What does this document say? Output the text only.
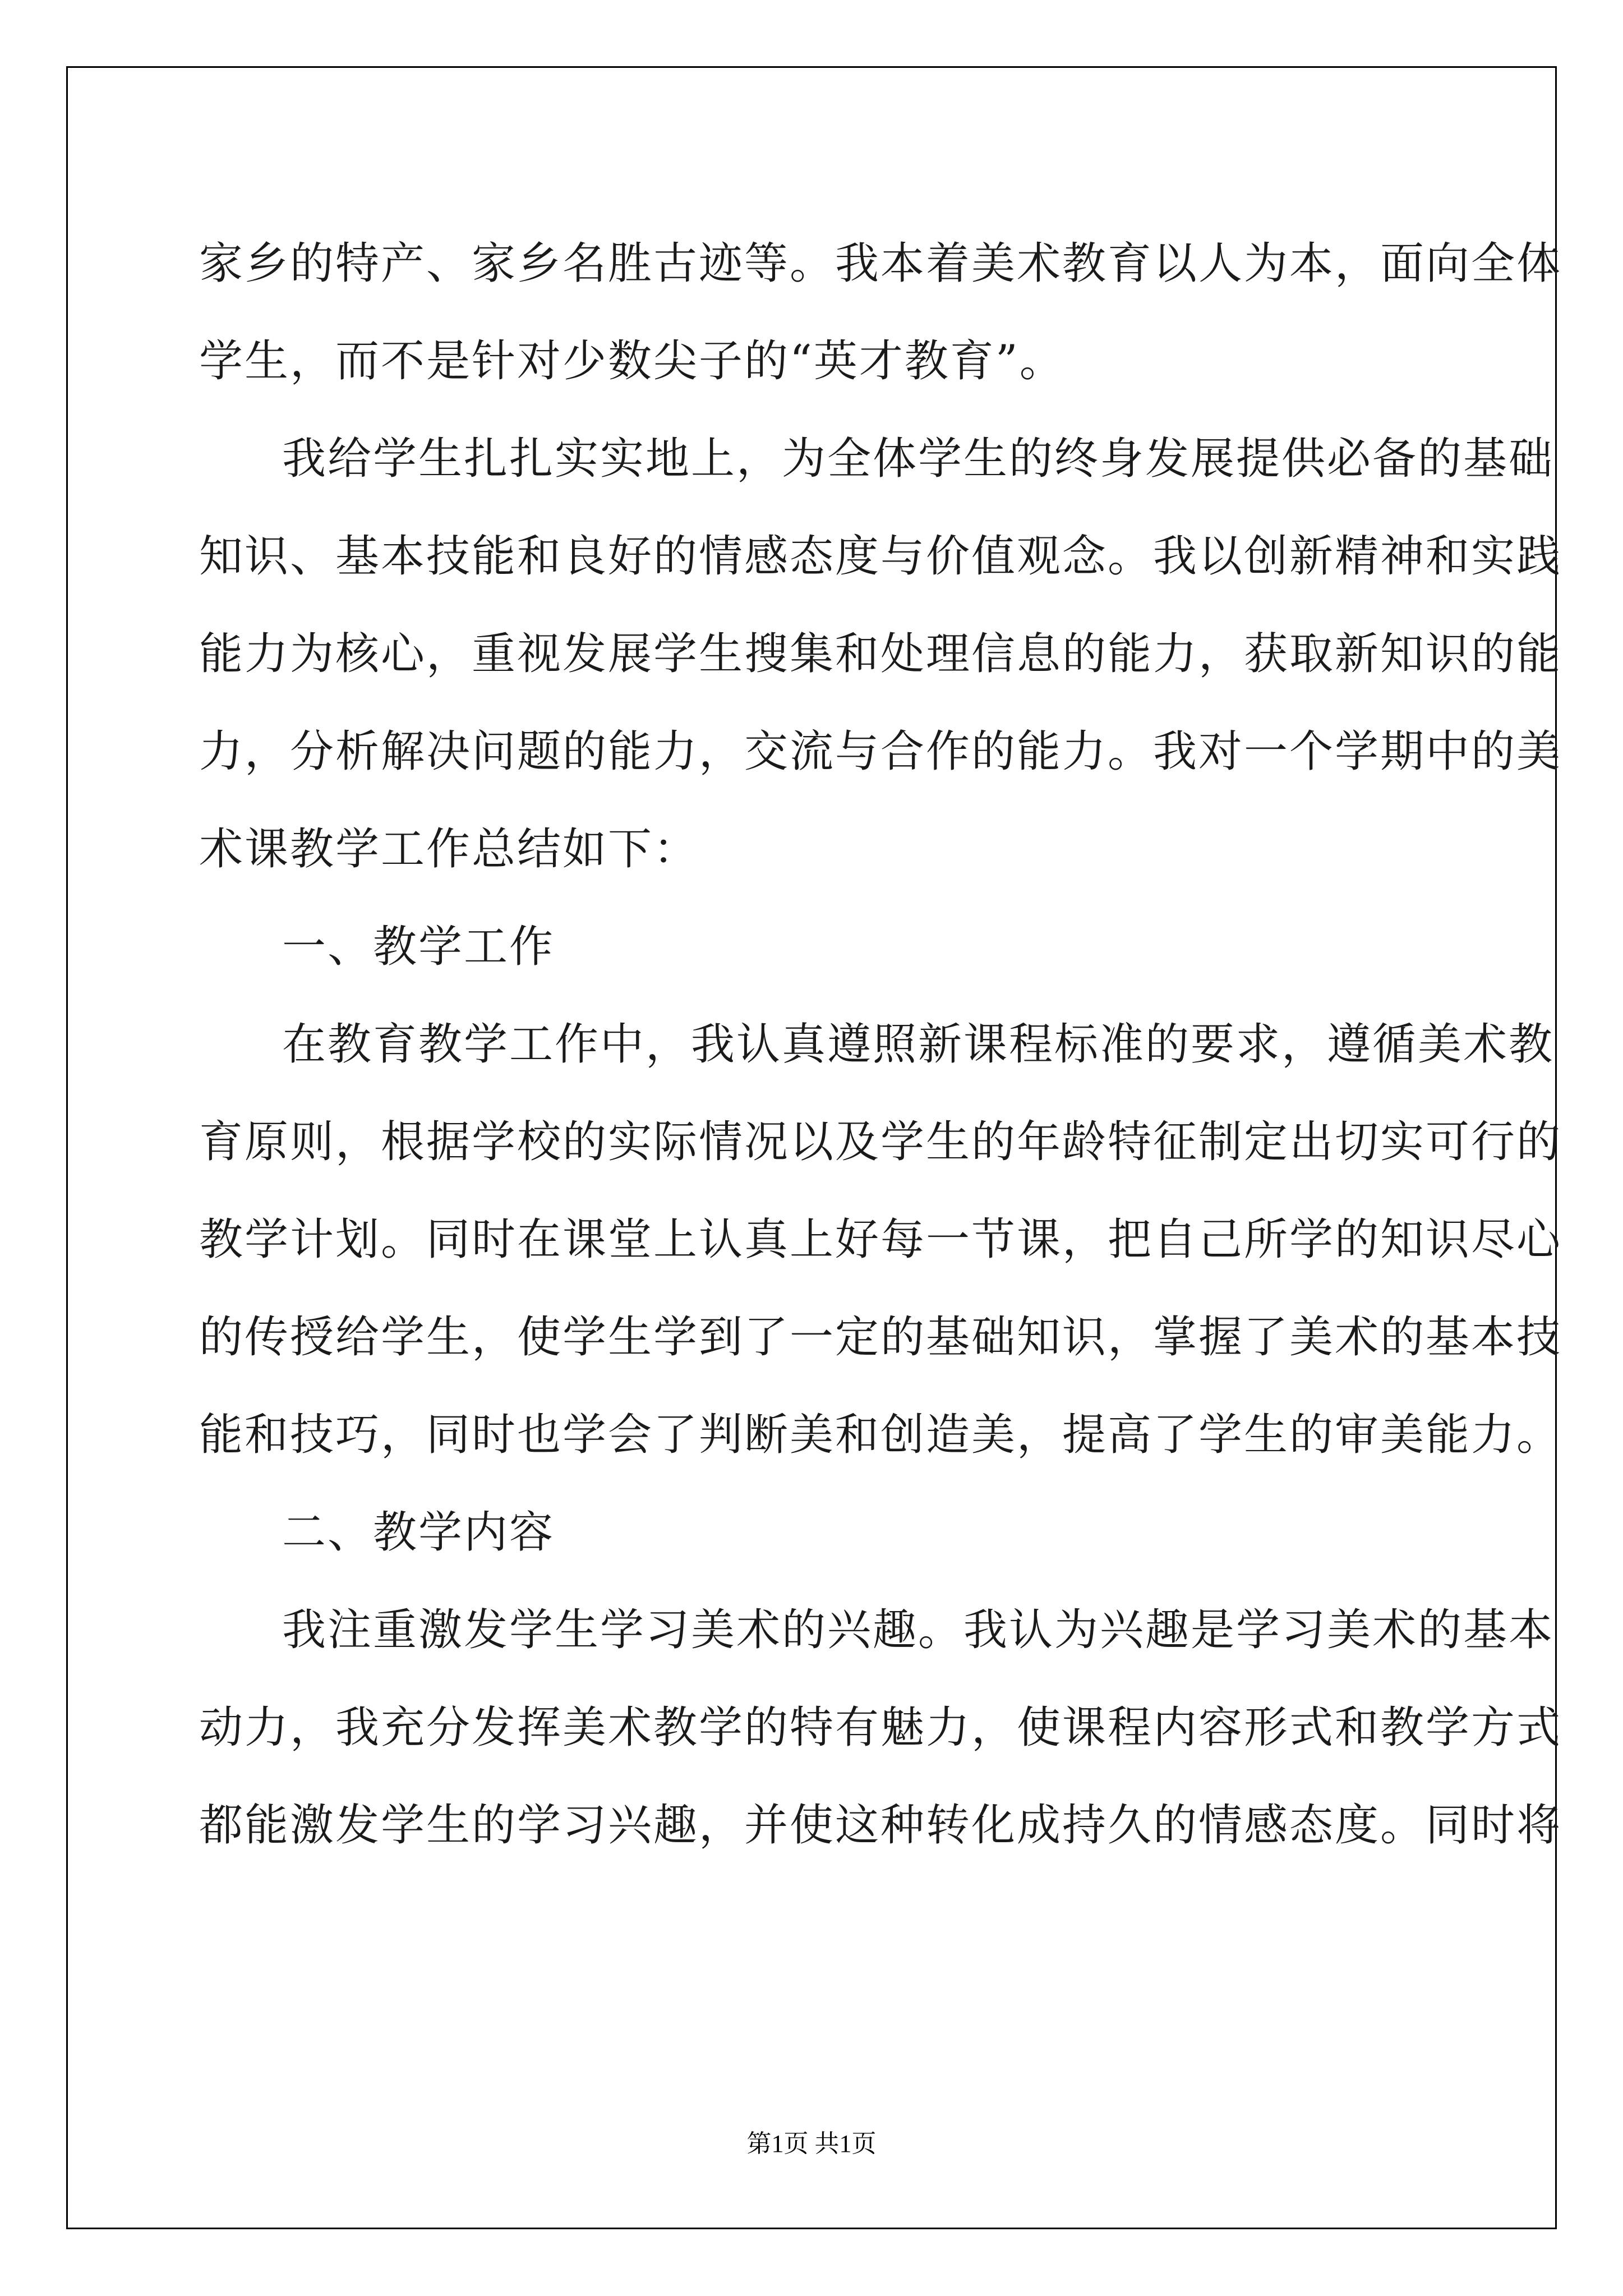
家乡的特产、家乡名胜古迹等。我本着美术教育以人为本，面向全体
学生，而不是针对少数尖子的“英才教育”。
我给学生扎扎实实地上，为全体学生的终身发展提供必备的基础
知识、基本技能和良好的情感态度与价值观念。我以创新精神和实践
能力为核心，重视发展学生搜集和处理信息的能力，获取新知识的能
力，分析解决问题的能力，交流与合作的能力。我对一个学期中的美
术课教学工作总结如下：
一、教学工作
在教育教学工作中，我认真遵照新课程标准的要求，遵循美术教
育原则，根据学校的实际情况以及学生的年龄特征制定出切实可行的
教学计划。同时在课堂上认真上好每一节课，把自己所学的知识尽心
的传授给学生，使学生学到了一定的基础知识，掌握了美术的基本技
能和技巧，同时也学会了判断美和创造美，提高了学生的审美能力。
二、教学内容
我注重激发学生学习美术的兴趣。我认为兴趣是学习美术的基本
动力，我充分发挥美术教学的特有魅力，使课程内容形式和教学方式
都能激发学生的学习兴趣，并使这种转化成持久的情感态度。同时将
第1页 共1页
